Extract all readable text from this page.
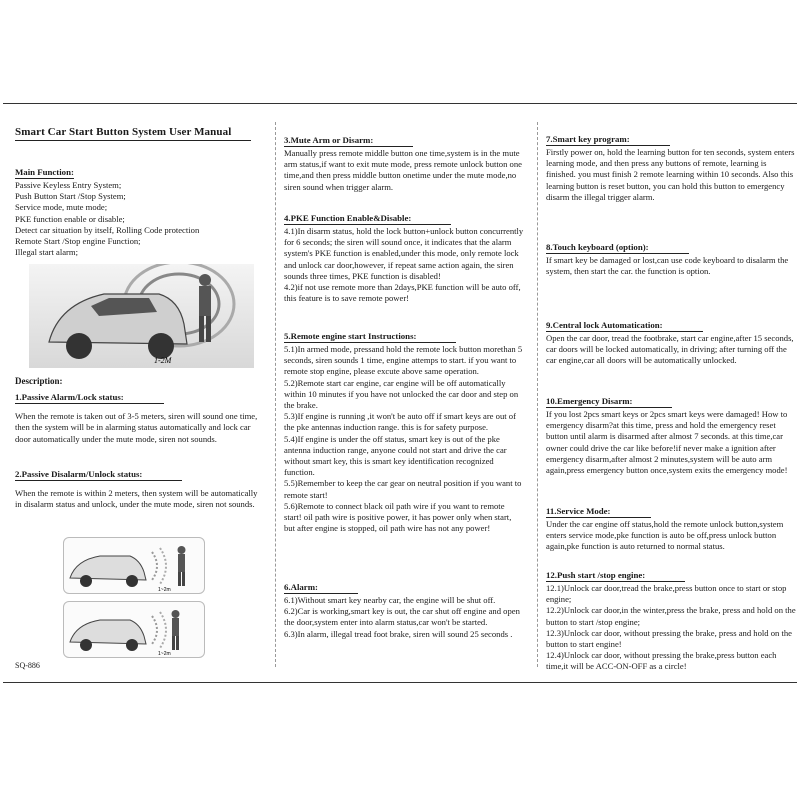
Smart Car Start Button System User Manual
Main Function:
Passive Keyless Entry System;
Push Button Start /Stop System;
Service mode, mute mode;
PKE function enable or disable;
Detect car situation by itself, Rolling Code protection
Remote Start /Stop engine Function;
Illegal start alarm;
1-2M
Description:
1.Passive Alarm/Lock status:
When the remote is taken out of 3-5 meters, siren will sound one time, then the system will be in alarming status automatically and lock car door automatically under the mute mode, siren not sounds.
2.Passive Disalarm/Unlock status:
When the remote is within 2 meters, then system will be automatically in disalarm status and unlock, under the mute mode, siren not sounds.
1~2m
1~2m
SQ-886
3.Mute Arm or Disarm:
Manually press remote middle button one time,system is in the mute arm status,if want to exit mute mode, press remote unlock button one time,and then press middle button onetime under the mute mode,no siren sound when trigger alarm.
4.PKE Function Enable&Disable:
4.1)In disarm status, hold the lock button+unlock button concurrently for 6 seconds; the siren will sound once, it indicates that the alarm system's PKE function is enabled,under this mode, only remote lock and unlock car door,however, if repeat same action again, the siren sounds three times, PKE function is disabled!
4.2)if not use remote more than 2days,PKE function will be auto off, this feature is to save remote power!
5.Remote engine start Instructions:
5.1)In armed mode, pressand hold the remote lock button morethan 5 seconds, siren sounds 1 time, engine attemps to start. if you want to remote stop engine, please excute above same operation.
5.2)Remote start car engine, car engine will be off automatically within 10 minutes if you have not unlocked the car door and step on the brake.
5.3)If engine is running ,it won't be auto off if smart keys are out of the pke antennas induction range. this is for safety purpose.
5.4)If engine is under the off status, smart key is out of the pke antenna induction range, anyone could not start and drive the car without smart key, this is smart key identification recognized function.
5.5)Remember to keep the car gear on neutral position if you want to remote start!
5.6)Remote to connect black oil path wire if you want to remote start! oil path wire is positive power, it has power only when start, but after engine is stopped, oil path wire has not any power!
6.Alarm:
6.1)Without smart key nearby car, the engine will be shut off.
6.2)Car is working,smart key is out, the car shut off engine and open the door,system enter into alarm status,car won't be started.
6.3)In alarm, illegal tread foot brake, siren will sound 25 seconds .
7.Smart key program:
Firstly power on, hold the learning button for ten seconds, system enters learning mode, and then press any buttons of remote, learning is finished. you must finish 2 remote learning within 10 seconds. Also this learning button is reset button, you can hold this button to emergency disarm the illegal trigger alarm.
8.Touch keyboard (option):
If smart key be damaged or lost,can use code keyboard to disalarm the system, then start the car. the function is option.
9.Central lock Automatication:
Open the car door, tread the footbrake, start car engine,after 15 seconds, car doors will be locked automatically, in driving; after turning off the car engine,car all doors will be automatically unlocked.
10.Emergency Disarm:
If you lost 2pcs smart keys or 2pcs smart keys were damaged! How to emergency disarm?at this time, press and hold the emergency reset button until alarm is disarmed after almost 7 seconds. at this time,car owner could drive the car like before!if never make a ignition after emergency disarm,after almost 2 minutes,system will be auto arm again,press emergency button once,system exits the emergency mode!
11.Service Mode:
Under the car engine off status,hold the remote unlock button,system enters service mode,pke function is auto be off,press unlock button again,pke function is auto returned to normal status.
12.Push start /stop engine:
12.1)Unlock car door,tread the brake,press button once to start or stop engine;
12.2)Unlock car door,in the winter,press the brake, press and hold on the button to start /stop engine;
12.3)Unlock car door, without pressing the brake, press and hold on the button to start engine!
12.4)Unlock car door, without pressing the brake,press button each time,it will be ACC-ON-OFF as a circle!
